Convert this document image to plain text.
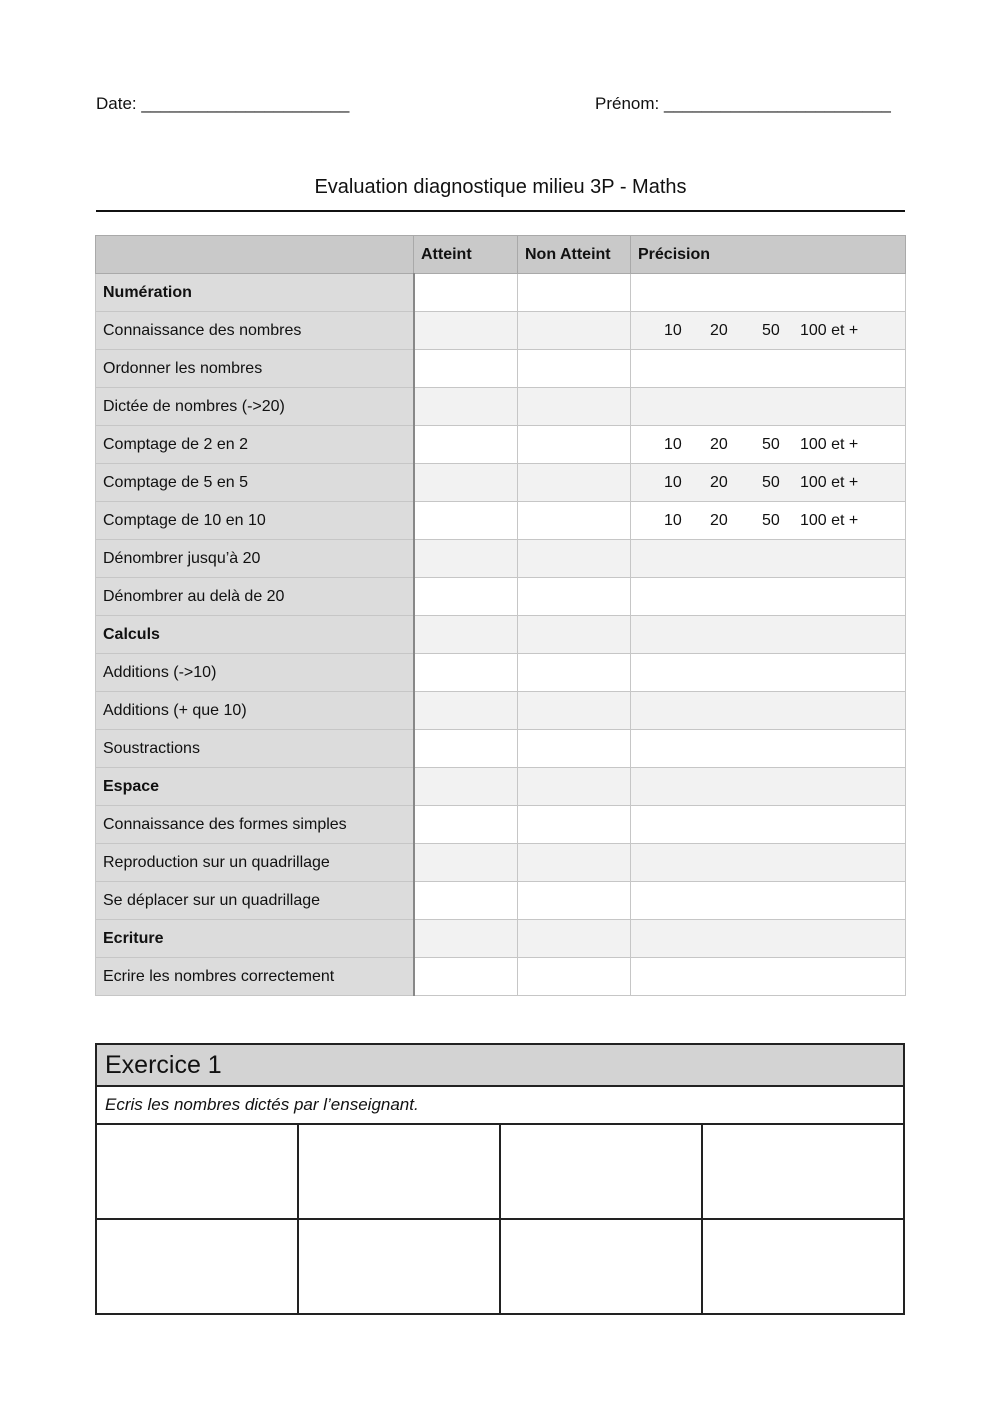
Date: ______________________	Prénom: ________________________
Evaluation diagnostique milieu 3P - Maths
	Atteint	Non Atteint	Précision
Numération			
Connaissance des nombres			10 20 50 100 et +

Ordonner les nombres			
Dictée de nombres (->20)			
Comptage de 2 en 2			10 20 50 100 et +

Comptage de 5 en 5			10 20 50 100 et +

Comptage de 10 en 10			10 20 50 100 et +

Dénombrer jusqu’à 20			
Dénombrer au delà de 20			
Calculs			
Additions (->10)			
Additions (+ que 10)			
Soustractions			
Espace			
Connaissance des formes simples			
Reproduction sur un quadrillage			
Se déplacer sur un quadrillage			
Ecriture			
Ecrire les nombres correctement			
Exercice 1			
Ecris les nombres dictés par l’enseignant.			
